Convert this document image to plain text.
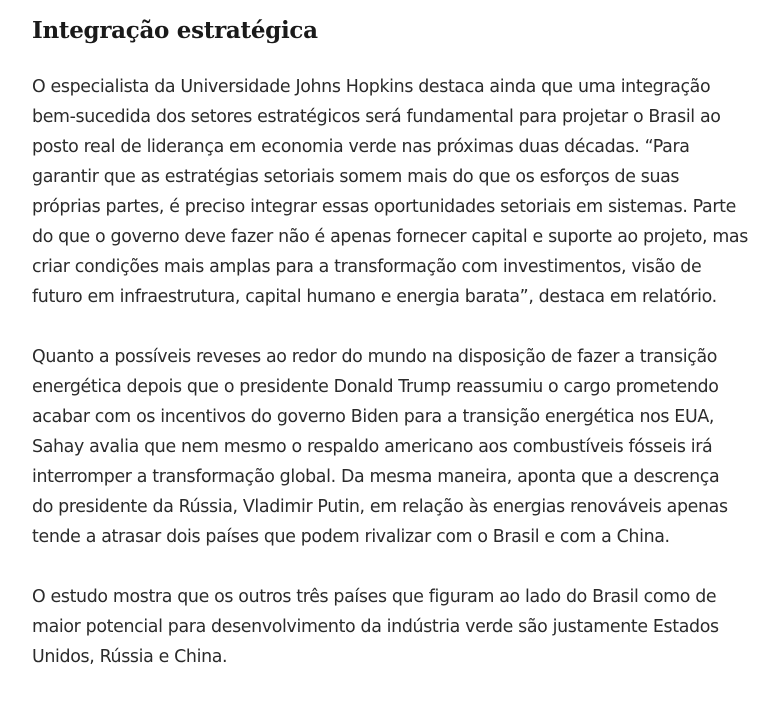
Integração estratégica

O especialista da Universidade Johns Hopkins destaca ainda que uma integração
bem-sucedida dos setores estratégicos será fundamental para projetar o Brasil ao
posto real de liderança em economia verde nas próximas duas décadas. “Para
garantir que as estratégias setoriais somem mais do que os esforços de suas
próprias partes, é preciso integrar essas oportunidades setoriais em sistemas. Parte
do que o governo deve fazer não é apenas fornecer capital e suporte ao projeto, mas
criar condições mais amplas para a transformação com investimentos, visão de
futuro em infraestrutura, capital humano e energia barata”, destaca em relatório.

Quanto a possíveis reveses ao redor do mundo na disposição de fazer a transição
energética depois que o presidente Donald Trump reassumiu o cargo prometendo
acabar com os incentivos do governo Biden para a transição energética nos EUA,
Sahay avalia que nem mesmo o respaldo americano aos combustíveis fósseis irá
interromper a transformação global. Da mesma maneira, aponta que a descrença
do presidente da Rússia, Vladimir Putin, em relação às energias renováveis apenas
tende a atrasar dois países que podem rivalizar com o Brasil e com a China.

O estudo mostra que os outros três países que figuram ao lado do Brasil como de
maior potencial para desenvolvimento da indústria verde são justamente Estados
Unidos, Rússia e China.
